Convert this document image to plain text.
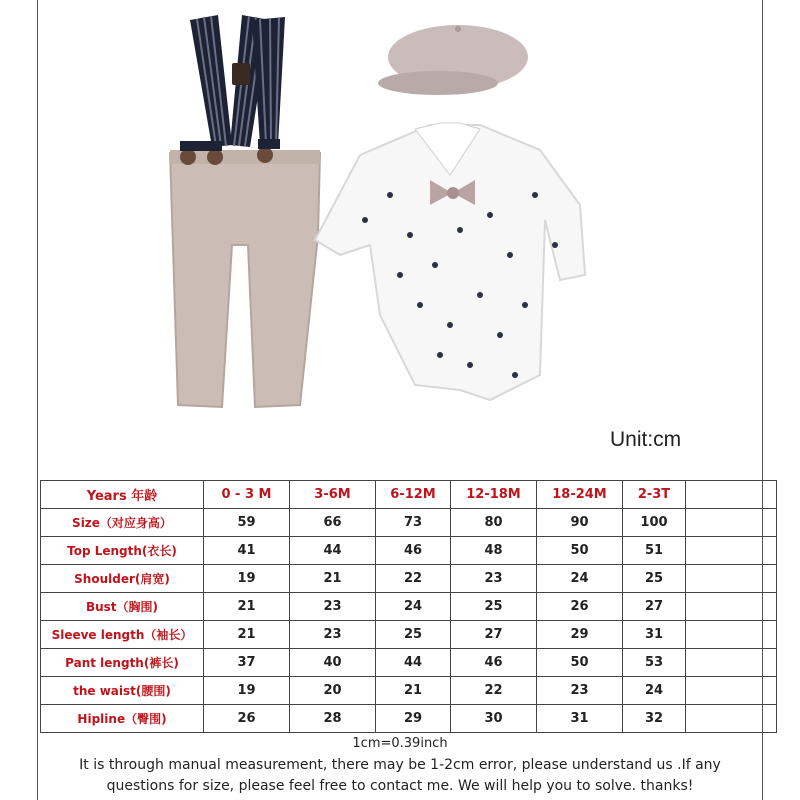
Unit:cm
Years 年龄	0 - 3 M	3-6M	6-12M	12-18M	18-24M	2-3T	
Size（对应身高）	59	66	73	80	90	100	
Top Length(衣长)	41	44	46	48	50	51	
Shoulder(肩宽)	19	21	22	23	24	25	
Bust（胸围)	21	23	24	25	26	27	
Sleeve length（袖长）	21	23	25	27	29	31	
Pant length(裤长)	37	40	44	46	50	53	
the waist(腰围)	19	20	21	22	23	24	
Hipline（臀围)	26	28	29	30	31	32	
1cm=0.39inch
It is through manual measurement, there may be 1-2cm error, please understand us .If any
questions for size, please feel free to contact me. We will help you to solve. thanks!
